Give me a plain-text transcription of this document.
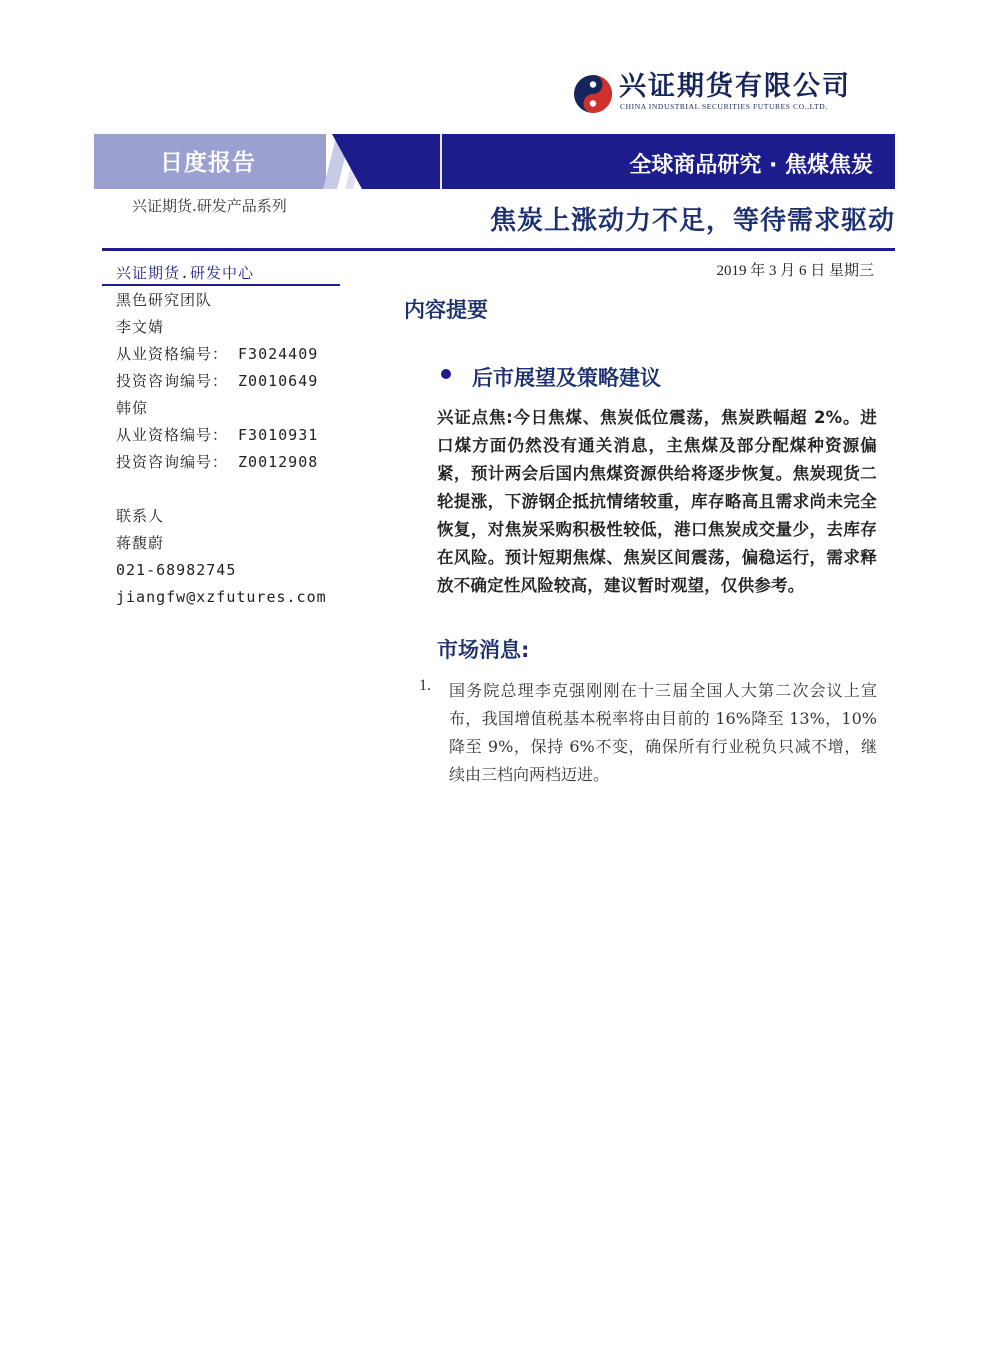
兴证期货有限公司
CHINA INDUSTRIAL SECURITIES FUTURES CO.,LTD.
日度报告	全球商品研究 · 焦煤焦炭
兴证期货.研发产品系列	焦炭上涨动力不足，等待需求驱动
2019 年 3 月 6 日 星期三
兴证期货.研发中心
黑色研究团队
李文婧
从业资格编号： F3024409
投资咨询编号： Z0010649
韩倞
从业资格编号： F3010931
投资咨询编号： Z0012908
联系人
蒋馥蔚
021-68982745
jiangfw@xzfutures.com
内容提要
后市展望及策略建议
兴证点焦:今日焦煤、焦炭低位震荡，焦炭跌幅超 2%。进口煤方面仍然没有通关消息，主焦煤及部分配煤种资源偏紧，预计两会后国内焦煤资源供给将逐步恢复。焦炭现货二轮提涨，下游钢企抵抗情绪较重，库存略高且需求尚未完全恢复，对焦炭采购积极性较低，港口焦炭成交量少，去库存在风险。预计短期焦煤、焦炭区间震荡，偏稳运行，需求释放不确定性风险较高，建议暂时观望，仅供参考。
市场消息:
1. 国务院总理李克强刚刚在十三届全国人大第二次会议上宣布，我国增值税基本税率将由目前的 16%降至 13%，10%降至 9%，保持 6%不变，确保所有行业税负只减不增，继续由三档向两档迈进。
